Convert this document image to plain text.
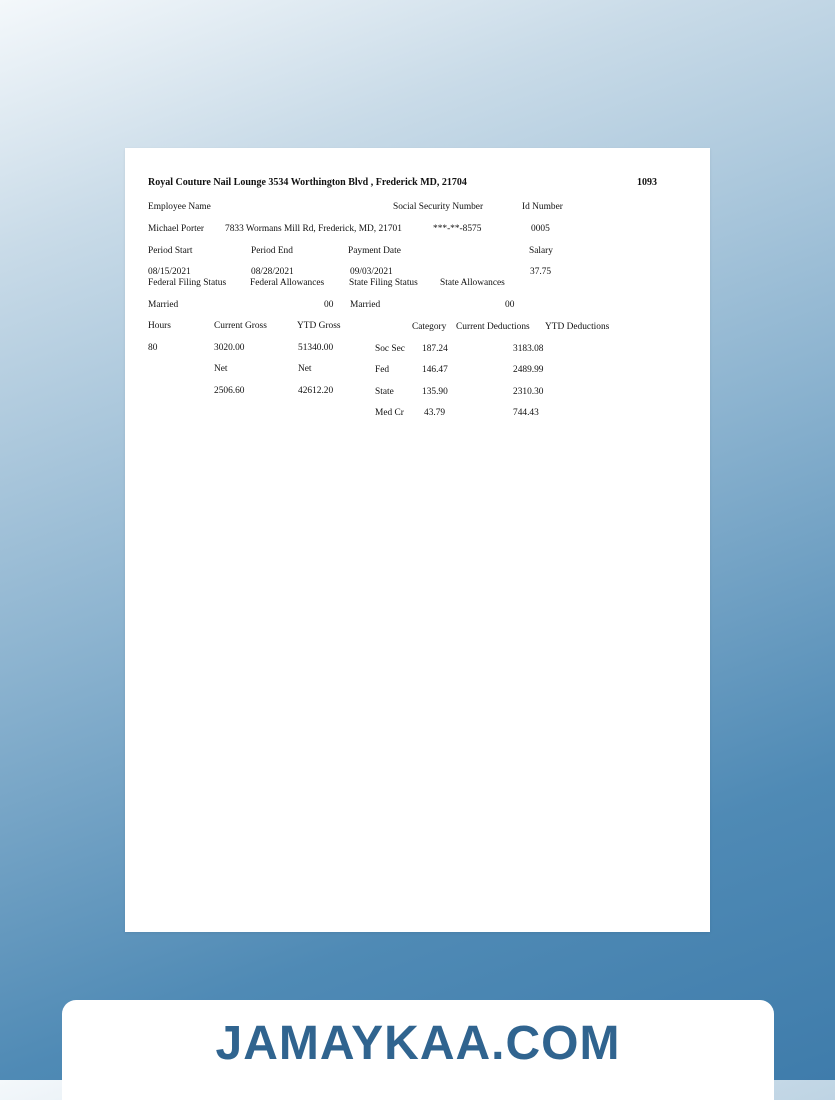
Royal Couture Nail Lounge 3534 Worthington Blvd , Frederick MD, 21704	1093
Employee Name	Social Security Number	Id Number
Michael Porter 7833 Wormans Mill Rd, Frederick, MD, 21701	***-**-8575	0005
Period Start	Period End	Payment Date	Salary
08/15/2021	08/28/2021	09/03/2021	37.75
Federal Filing Status	Federal Allowances	State Filing Status State Allowances
Married	00 Married	00
Hours	Current Gross	YTD Gross	Category Current Deductions YTD Deductions
80	3020.00	51340.00
Net	Net
2506.60	42612.20
Soc Sec 187.24	3183.08
Fed	146.47	2489.99
State	135.90	2310.30
Med Cr 43.79	744.43
JAMAYKAA.COM
